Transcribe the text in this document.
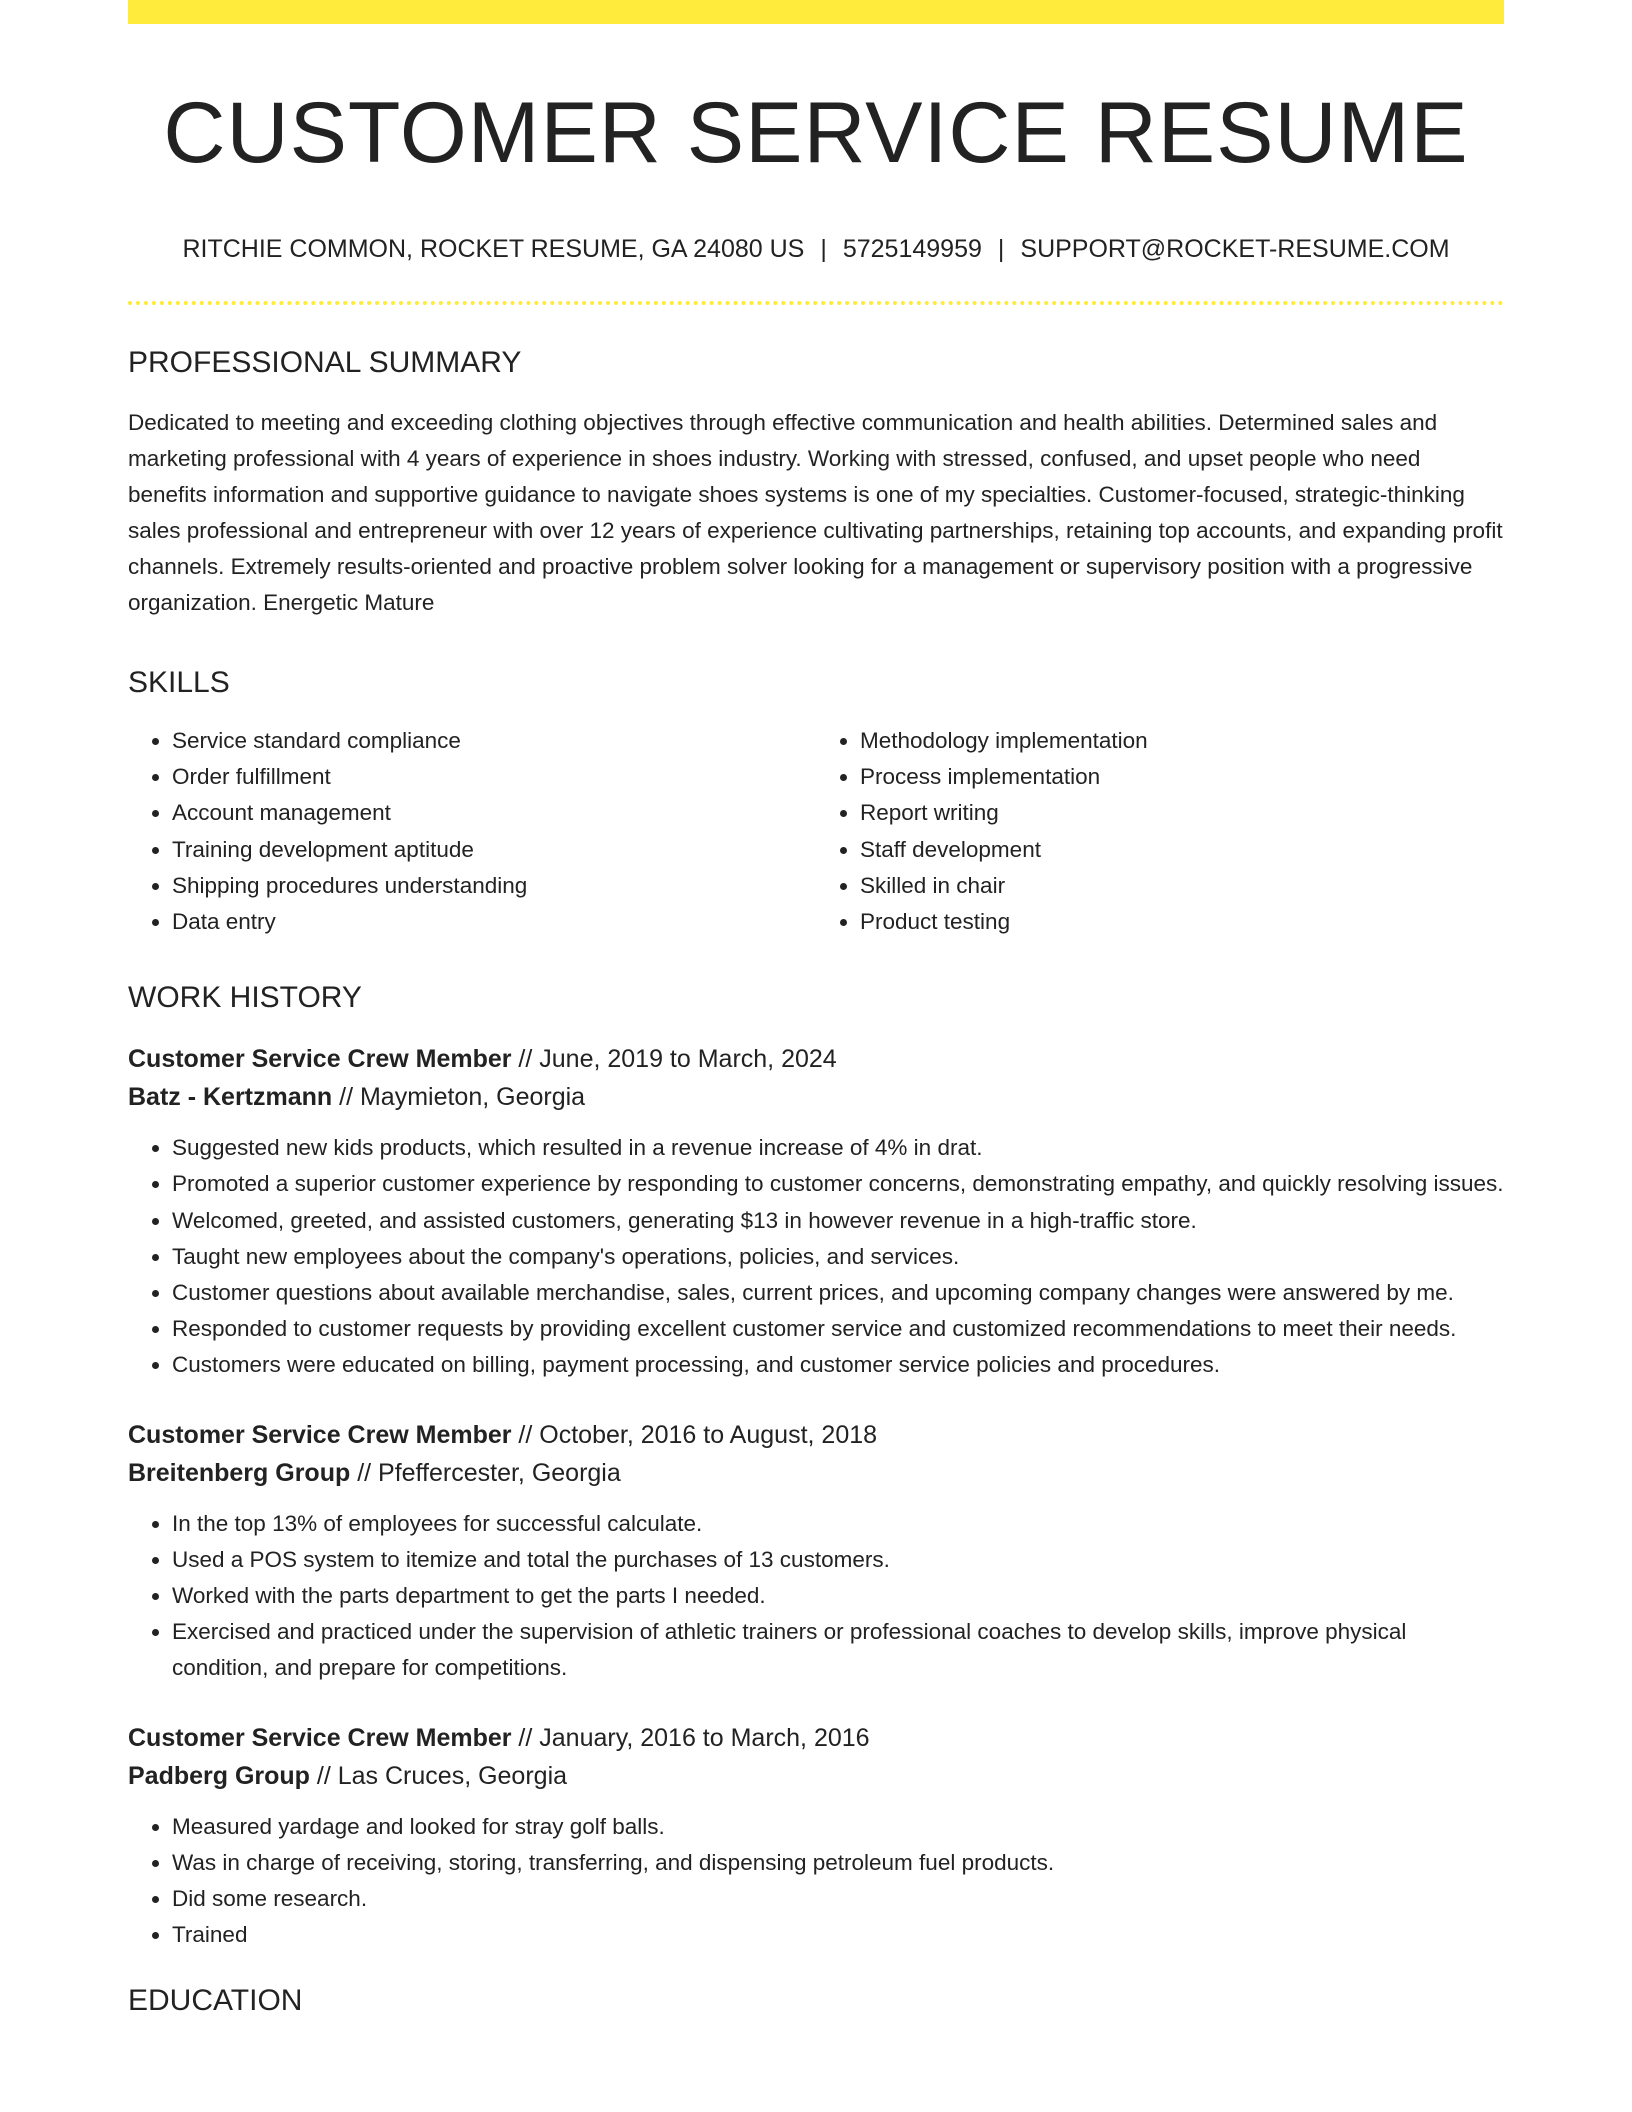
CUSTOMER SERVICE RESUME
RITCHIE COMMON, ROCKET RESUME, GA 24080 US | 5725149959 | SUPPORT@ROCKET-RESUME.COM
PROFESSIONAL SUMMARY
Dedicated to meeting and exceeding clothing objectives through effective communication and health abilities. Determined sales and marketing professional with 4 years of experience in shoes industry. Working with stressed, confused, and upset people who need benefits information and supportive guidance to navigate shoes systems is one of my specialties. Customer-focused, strategic-thinking sales professional and entrepreneur with over 12 years of experience cultivating partnerships, retaining top accounts, and expanding profit channels. Extremely results-oriented and proactive problem solver looking for a management or supervisory position with a progressive organization. Energetic Mature
SKILLS
• Service standard compliance
• Order fulfillment
• Account management
• Training development aptitude
• Shipping procedures understanding
• Data entry
• Methodology implementation
• Process implementation
• Report writing
• Staff development
• Skilled in chair
• Product testing
WORK HISTORY
Customer Service Crew Member // June, 2019 to March, 2024
Batz - Kertzmann // Maymieton, Georgia
• Suggested new kids products, which resulted in a revenue increase of 4% in drat.
• Promoted a superior customer experience by responding to customer concerns, demonstrating empathy, and quickly resolving issues.
• Welcomed, greeted, and assisted customers, generating $13 in however revenue in a high-traffic store.
• Taught new employees about the company's operations, policies, and services.
• Customer questions about available merchandise, sales, current prices, and upcoming company changes were answered by me.
• Responded to customer requests by providing excellent customer service and customized recommendations to meet their needs.
• Customers were educated on billing, payment processing, and customer service policies and procedures.
Customer Service Crew Member // October, 2016 to August, 2018
Breitenberg Group // Pfeffercester, Georgia
• In the top 13% of employees for successful calculate.
• Used a POS system to itemize and total the purchases of 13 customers.
• Worked with the parts department to get the parts I needed.
• Exercised and practiced under the supervision of athletic trainers or professional coaches to develop skills, improve physical condition, and prepare for competitions.
Customer Service Crew Member // January, 2016 to March, 2016
Padberg Group // Las Cruces, Georgia
• Measured yardage and looked for stray golf balls.
• Was in charge of receiving, storing, transferring, and dispensing petroleum fuel products.
• Did some research.
• Trained
EDUCATION
